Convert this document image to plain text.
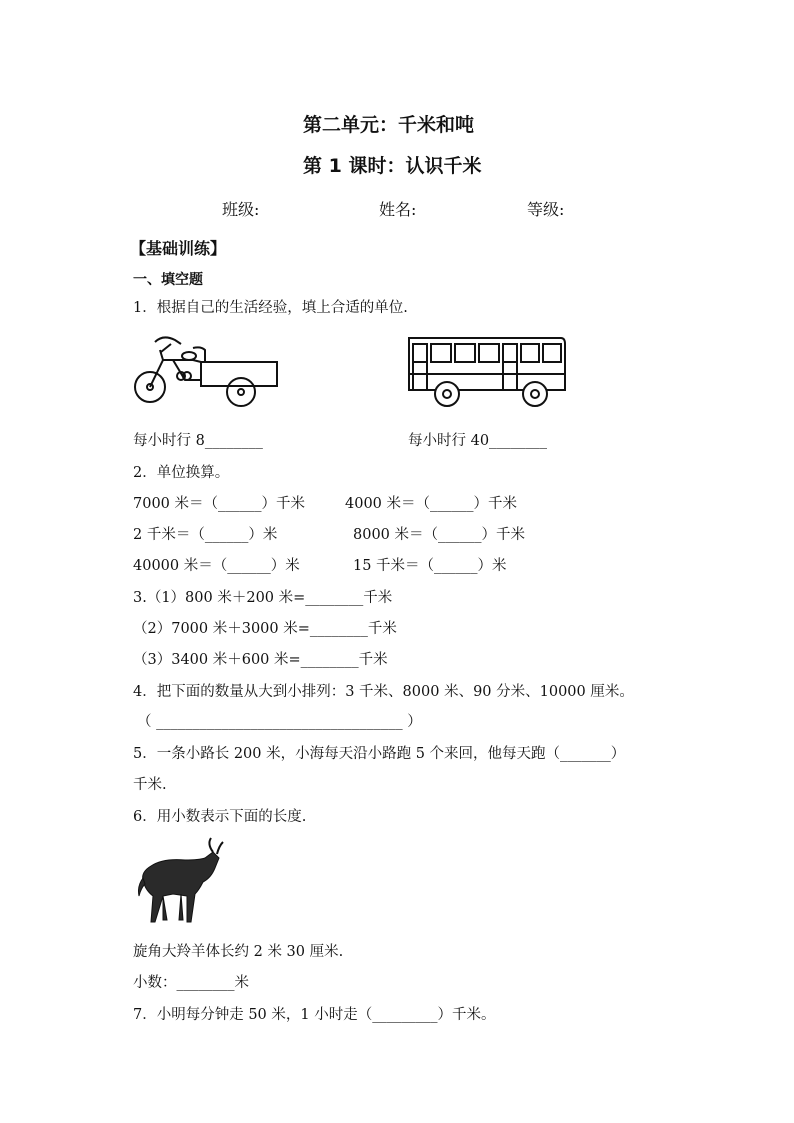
第二单元：千米和吨
第 1 课时：认识千米
班级:	姓名:	等级:
【基础训练】
一、填空题
1．根据自己的生活经验，填上合适的单位.
每小时行 8________	每小时行 40________
2．单位换算。
7000 米＝（______）千米	4000 米＝（______）千米
2 千米＝（______）米	8000 米＝（______）千米
40000 米＝（______）米	15 千米＝（______）米
3.（1）800 米＋200 米=________千米
（2）7000 米＋3000 米=________千米
（3）3400 米＋600 米=________千米
4．把下面的数量从大到小排列：3 千米、8000 米、90 分米、10000 厘米。
（ __________________________________ ）
5．一条小路长 200 米，小海每天沿小路跑 5 个来回，他每天跑（_______）
千米.
6．用小数表示下面的长度.
旋角大羚羊体长约 2 米 30 厘米.
小数：________米
7．小明每分钟走 50 米，1 小时走（_________）千米。
